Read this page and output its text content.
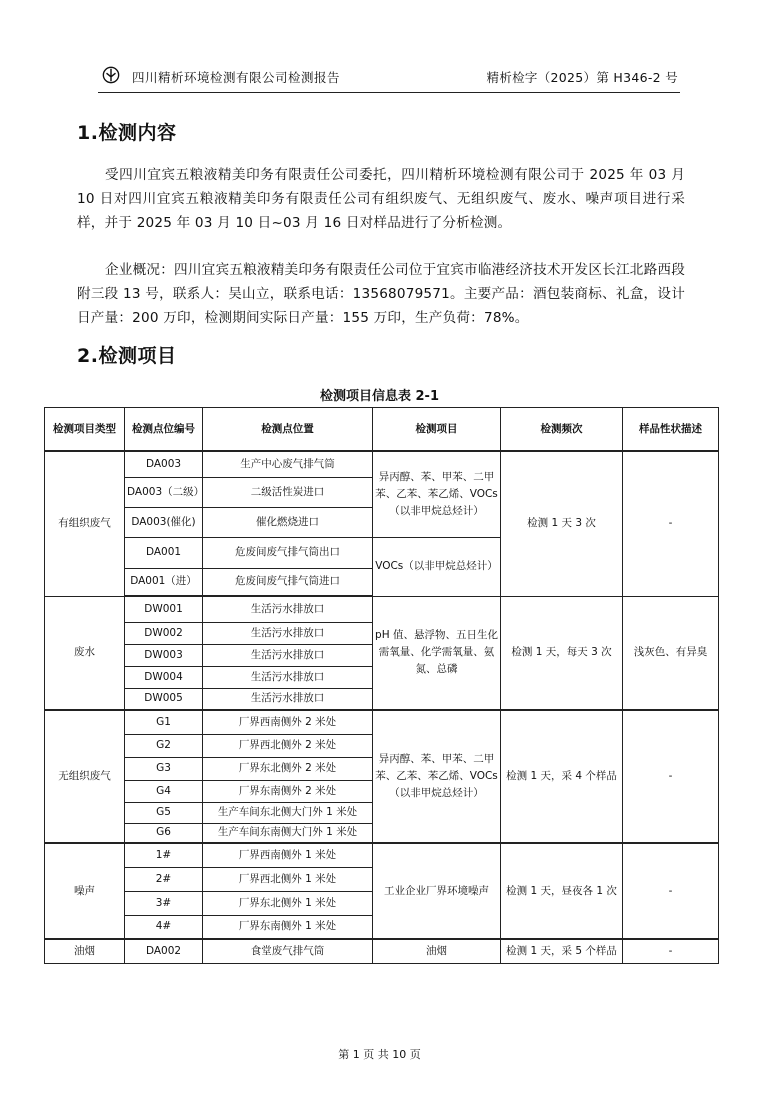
四川精析环境检测有限公司检测报告	精析检字（2025）第 H346-2 号
1.检测内容

受四川宜宾五粮液精美印务有限责任公司委托，四川精析环境检测有限公司于 2025 年 03 月 10 日对四川宜宾五粮液精美印务有限责任公司有组织废气、无组织废气、废水、噪声项目进行采样，并于 2025 年 03 月 10 日~03 月 16 日对样品进行了分析检测。

企业概况：四川宜宾五粮液精美印务有限责任公司位于宜宾市临港经济技术开发区长江北路西段附三段 13 号，联系人：吴山立，联系电话：13568079571。主要产品：酒包装商标、礼盒，设计日产量：200 万印，检测期间实际日产量：155 万印，生产负荷：78%。

2.检测项目
检测项目信息表 2-1
检测项目类型	检测点位编号	检测点位置	检测项目	检测频次	样品性状描述
有组织废气	DA003	生产中心废气排气筒	异丙醇、苯、甲苯、二甲苯、乙苯、苯乙烯、VOCs（以非甲烷总烃计）	检测 1 天 3 次	-
	DA003（二级）	二级活性炭进口			
	DA003(催化)	催化燃烧进口			
	DA001	危废间废气排气筒出口	VOCs（以非甲烷总烃计）		
	DA001（进）	危废间废气排气筒进口			
废水	DW001	生活污水排放口	pH 值、悬浮物、五日生化需氧量、化学需氧量、氨氮、总磷	检测 1 天，每天 3 次	浅灰色、有异臭
	DW002	生活污水排放口			
	DW003	生活污水排放口			
	DW004	生活污水排放口			
	DW005	生活污水排放口			
无组织废气	G1	厂界西南侧外 2 米处	异丙醇、苯、甲苯、二甲苯、乙苯、苯乙烯、VOCs（以非甲烷总烃计）	检测 1 天，采 4 个样品	-
	G2	厂界西北侧外 2 米处			
	G3	厂界东北侧外 2 米处			
	G4	厂界东南侧外 2 米处			
	G5	生产车间东北侧大门外 1 米处			
	G6	生产车间东南侧大门外 1 米处			
噪声	1#	厂界西南侧外 1 米处	工业企业厂界环境噪声	检测 1 天，昼夜各 1 次	-
	2#	厂界西北侧外 1 米处			
	3#	厂界东北侧外 1 米处			
	4#	厂界东南侧外 1 米处			
油烟	DA002	食堂废气排气筒	油烟	检测 1 天，采 5 个样品	-
第 1 页 共 10 页
